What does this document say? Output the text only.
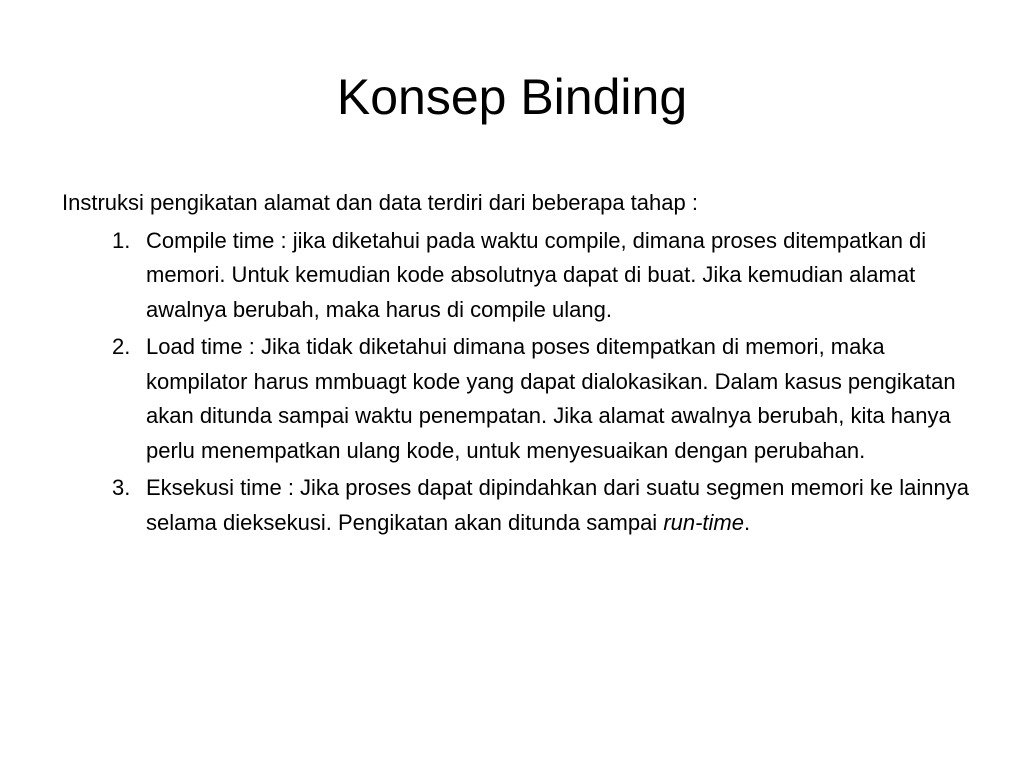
Konsep Binding

Instruksi pengikatan alamat dan data terdiri dari beberapa tahap :

1. Compile time : jika diketahui pada waktu compile, dimana proses ditempatkan di memori. Untuk kemudian kode absolutnya dapat di buat. Jika kemudian alamat awalnya berubah, maka harus di compile ulang.
2. Load time : Jika tidak diketahui dimana poses ditempatkan di memori, maka kompilator harus mmbuagt kode yang dapat dialokasikan. Dalam kasus pengikatan akan ditunda sampai waktu penempatan. Jika alamat awalnya berubah, kita hanya perlu menempatkan ulang kode, untuk menyesuaikan dengan perubahan.
3. Eksekusi time : Jika proses dapat dipindahkan dari suatu segmen memori ke lainnya selama dieksekusi. Pengikatan akan ditunda sampai run-time.
